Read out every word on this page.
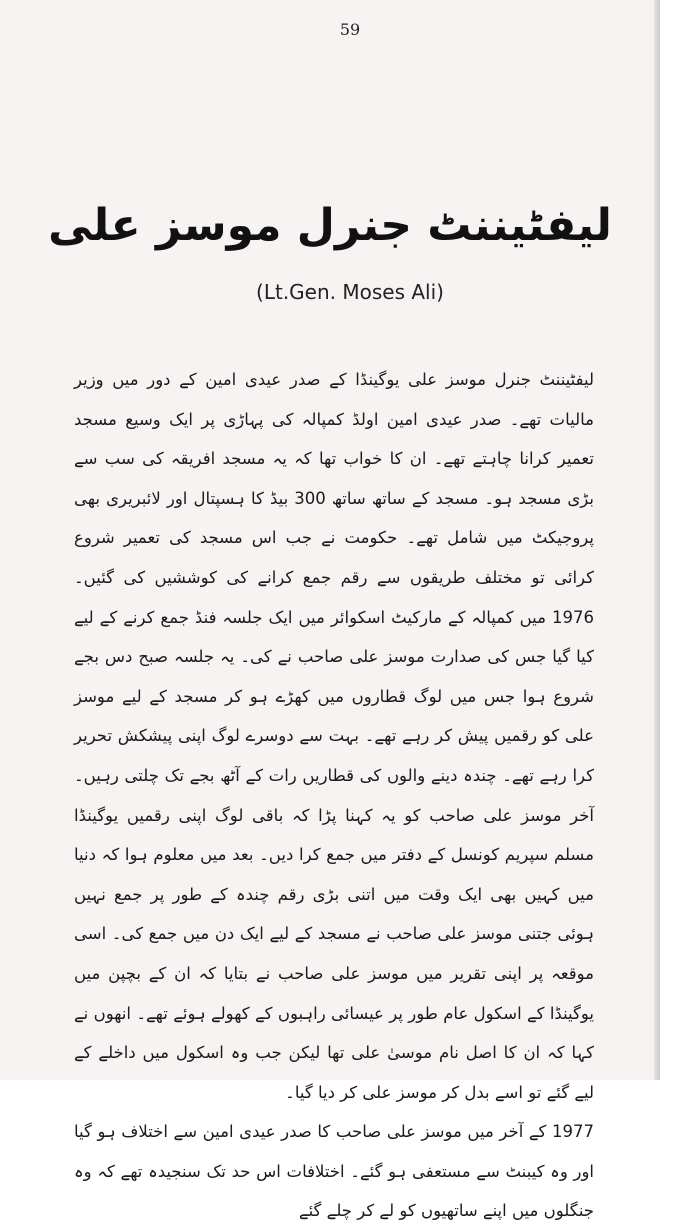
59
لیفٹیننٹ جنرل موسز علی
(Lt.Gen. Moses Ali)

لیفٹیننٹ جنرل موسز علی یوگینڈا کے صدر عیدی امین کے دور میں وزیر مالیات تھے۔ صدر عیدی امین اولڈ کمپالہ کی پہاڑی پر ایک وسیع مسجد تعمیر کرانا چاہتے تھے۔ ان کا خواب تھا کہ یہ مسجد افریقہ کی سب سے بڑی مسجد ہو۔ مسجد کے ساتھ ساتھ 300 بیڈ کا ہسپتال اور لائبریری بھی پروجیکٹ میں شامل تھے۔ حکومت نے جب اس مسجد کی تعمیر شروع کرائی تو مختلف طریقوں سے رقم جمع کرانے کی کوششیں کی گئیں۔ 1976 میں کمپالہ کے مارکیٹ اسکوائر میں ایک جلسہ فنڈ جمع کرنے کے لیے کیا گیا جس کی صدارت موسز علی صاحب نے کی۔ یہ جلسہ صبح دس بجے شروع ہوا جس میں لوگ قطاروں میں کھڑے ہو کر مسجد کے لیے موسز علی کو رقمیں پیش کر رہے تھے۔ بہت سے دوسرے لوگ اپنی پیشکش تحریر کرا رہے تھے۔ چندہ دینے والوں کی قطاریں رات کے آٹھ بجے تک چلتی رہیں۔ آخر موسز علی صاحب کو یہ کہنا پڑا کہ باقی لوگ اپنی رقمیں یوگینڈا مسلم سپریم کونسل کے دفتر میں جمع کرا دیں۔ بعد میں معلوم ہوا کہ دنیا میں کہیں بھی ایک وقت میں اتنی بڑی رقم چندہ کے طور پر جمع نہیں ہوئی جتنی موسز علی صاحب نے مسجد کے لیے ایک دن میں جمع کی۔ اسی موقعہ پر اپنی تقریر میں موسز علی صاحب نے بتایا کہ ان کے بچپن میں یوگینڈا کے اسکول عام طور پر عیسائی راہبوں کے کھولے ہوئے تھے۔ انھوں نے کہا کہ ان کا اصل نام موسیٰ علی تھا لیکن جب وہ اسکول میں داخلے کے لیے گئے تو اسے بدل کر موسز علی کر دیا گیا۔

1977 کے آخر میں موسز علی صاحب کا صدر عیدی امین سے اختلاف ہو گیا اور وہ کیبنٹ سے مستعفی ہو گئے۔ اختلافات اس حد تک سنجیدہ تھے کہ وہ جنگلوں میں اپنے ساتھیوں کو لے کر چلے گئے
